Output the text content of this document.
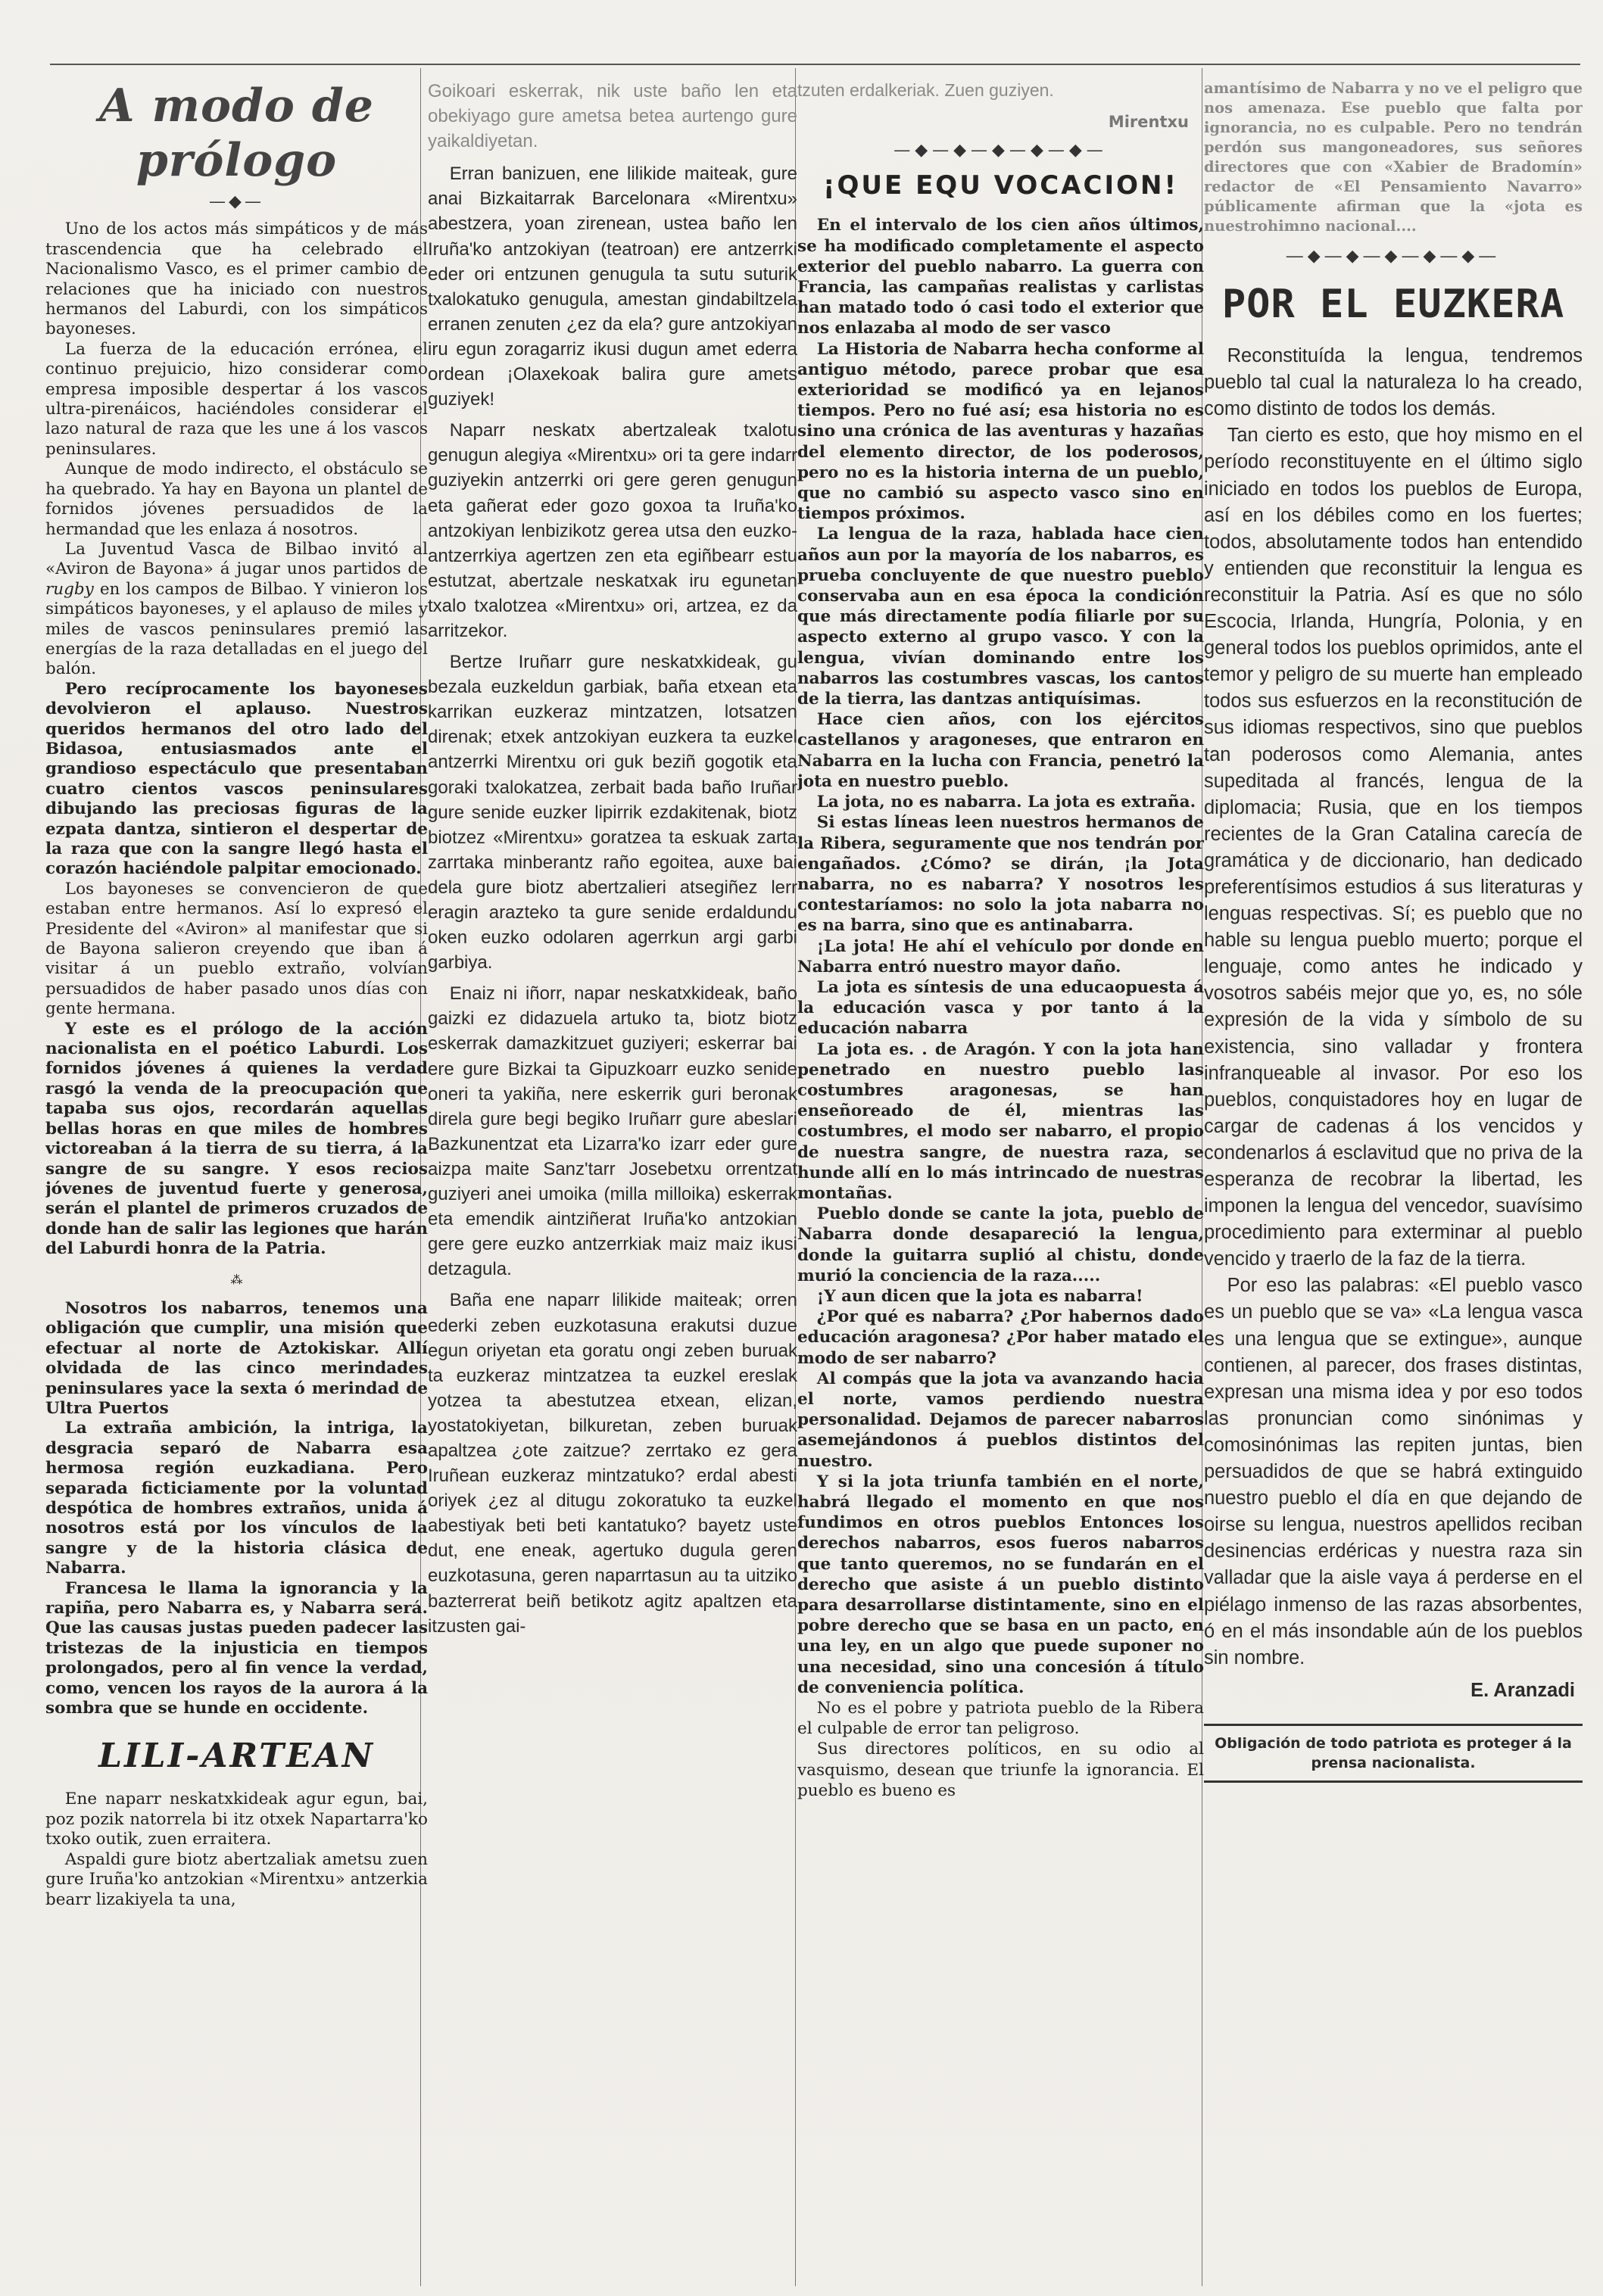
A modo de prólogo
—◆—

Uno de los actos más simpáticos y de más trascendencia que ha celebrado el Nacionalismo Vasco, es el primer cambio de relaciones que ha iniciado con nuestros hermanos del Laburdi, con los simpáticos bayoneses.

La fuerza de la educación errónea, el continuo prejuicio, hizo considerar como empresa imposible despertar á los vascos ultra-pirenáicos, haciéndoles considerar el lazo natural de raza que les une á los vascos peninsulares.

Aunque de modo indirecto, el obstáculo se ha quebrado. Ya hay en Bayona un plantel de fornidos jóvenes persuadidos de la hermandad que les enlaza á nosotros.

La Juventud Vasca de Bilbao invitó al «Aviron de Bayona» á jugar unos partidos de rugby en los campos de Bilbao. Y vinieron los simpáticos bayoneses, y el aplauso de miles y miles de vascos peninsulares premió las energías de la raza detalladas en el juego del balón.

Pero recíprocamente los bayoneses devolvieron el aplauso. Nuestros queridos hermanos del otro lado del Bidasoa, entusiasmados ante el grandioso espectáculo que presentaban cuatro cientos vascos peninsulares dibujando las preciosas figuras de la ezpata dantza, sintieron el despertar de la raza que con la sangre llegó hasta el corazón haciéndole palpitar emocionado.

Los bayoneses se convencieron de que estaban entre hermanos. Así lo expresó el Presidente del «Aviron» al manifestar que si de Bayona salieron creyendo que iban á visitar á un pueblo extraño, volvían persuadidos de haber pasado unos días con gente hermana.

Y este es el prólogo de la acción nacionalista en el poético Laburdi. Los fornidos jóvenes á quienes la verdad rasgó la venda de la preocupación que tapaba sus ojos, recordarán aquellas bellas horas en que miles de hombres victoreaban á la tierra de su tierra, á la sangre de su sangre. Y esos recios jóvenes de juventud fuerte y generosa, serán el plantel de primeros cruzados de donde han de salir las legiones que harán del Laburdi honra de la Patria.

⁂

Nosotros los nabarros, tenemos una obligación que cumplir, una misión que efectuar al norte de Aztokiskar. Allí olvidada de las cinco merindades peninsulares yace la sexta ó merindad de Ultra Puertos

La extraña ambición, la intriga, la desgracia separó de Nabarra esa hermosa región euzkadiana. Pero separada ficticiamente por la voluntad despótica de hombres extraños, unida á nosotros está por los vínculos de la sangre y de la historia clásica de Nabarra.

Francesa le llama la ignorancia y la rapiña, pero Nabarra es, y Nabarra será. Que las causas justas pueden padecer las tristezas de la injusticia en tiempos prolongados, pero al fin vence la verdad, como, vencen los rayos de la aurora á la sombra que se hunde en occidente.

LILI-ARTEAN

Ene naparr neskatxkideak agur egun, bai, poz pozik natorrela bi itz otxek Napartarra'ko txoko outik, zuen erraitera.

Aspaldi gure biotz abertzaliak ametsu zuen gure Iruña'ko antzokian «Mirentxu» antzerkia bearr lizakiyela ta una,

Goikoari eskerrak, nik uste baño len eta obekiyago gure ametsa betea aurtengo gure yaikaldiyetan.

Erran banizuen, ene lilikide maiteak, gure anai Bizkaitarrak Barcelonara «Mirentxu» abestzera, yoan zirenean, ustea baño len Iruña'ko antzokiyan (teatroan) ere antzerrki eder ori entzunen genugula ta sutu suturik txalokatuko genugula, amestan gindabiltzela erranen zenuten ¿ez da ela? gure antzokiyan iru egun zoragarriz ikusi dugun amet ederra ordean ¡Olaxekoak balira gure amets guziyek!

Naparr neskatx abertzaleak txalotu genugun alegiya «Mirentxu» ori ta gere indarr guziyekin antzerrki ori gere geren genugun eta gañerat eder gozo goxoa ta Iruña'ko antzokiyan lenbizikotz gerea utsa den euzko-antzerrkiya agertzen zen eta egiñbearr estu estutzat, abertzale neskatxak iru egunetan txalo txalotzea «Mirentxu» ori, artzea, ez da arritzekor.

Bertze Iruñarr gure neskatxkideak, gu bezala euzkeldun garbiak, baña etxean eta karrikan euzkeraz mintzatzen, lotsatzen direnak; etxek antzokiyan euzkera ta euzkel antzerrki Mirentxu ori guk beziñ gogotik eta goraki txalokatzea, zerbait bada baño Iruñar gure senide euzker lipirrik ezdakitenak, biotz biotzez «Mirentxu» goratzea ta eskuak zarta zarrtaka minberantz raño egoitea, auxe bai dela gure biotz abertzalieri atsegiñez lerr eragin arazteko ta gure senide erdaldundu oken euzko odolaren agerrkun argi garbi garbiya.

Enaiz ni iñorr, napar neskatxkideak, baño gaizki ez didazuela artuko ta, biotz biotz eskerrak damazkitzuet guziyeri; eskerrar bai ere gure Bizkai ta Gipuzkoarr euzko senide oneri ta yakiña, nere eskerrik guri beronak direla gure begi begiko Iruñarr gure abeslari Bazkunentzat eta Lizarra'ko izarr eder gure aizpa maite Sanz'tarr Josebetxu orrentzat guziyeri anei umoika (milla milloika) eskerrak eta emendik aintziñerat Iruña'ko antzokian gere gere euzko antzerrkiak maiz maiz ikusi detzagula.

Baña ene naparr lilikide maiteak; orren ederki zeben euzkotasuna erakutsi duzue egun oriyetan eta goratu ongi zeben buruak ta euzkeraz mintzatzea ta euzkel ereslak yotzea ta abestutzea etxean, elizan, yostatokiyetan, bilkuretan, zeben buruak apaltzea ¿ote zaitzue? zerrtako ez gera Iruñean euzkeraz mintzatuko? erdal abesti oriyek ¿ez al ditugu zokoratuko ta euzkel abestiyak beti beti kantatuko? bayetz uste dut, ene eneak, agertuko dugula geren euzkotasuna, geren naparrtasun au ta uitziko bazterrerat beiñ betikotz agitz apaltzen eta itzusten gai-

tzuten erdalkeriak. Zuen guziyen.

Mirentxu
—◆—◆—◆—◆—◆—
¡QUE EQU VOCACION!

En el intervalo de los cien años últimos, se ha modificado completamente el aspecto exterior del pueblo nabarro. La guerra con Francia, las campañas realistas y carlistas han matado todo ó casi todo el exterior que nos enlazaba al modo de ser vasco

La Historia de Nabarra hecha conforme al antiguo método, parece probar que esa exterioridad se modificó ya en lejanos tiempos. Pero no fué así; esa historia no es sino una crónica de las aventuras y hazañas del elemento director, de los poderosos, pero no es la historia interna de un pueblo, que no cambió su aspecto vasco sino en tiempos próximos.

La lengua de la raza, hablada hace cien años aun por la mayoría de los nabarros, es prueba concluyente de que nuestro pueblo conservaba aun en esa época la condición que más directamente podía filiarle por su aspecto externo al grupo vasco. Y con la lengua, vivían dominando entre los nabarros las costumbres vascas, los cantos de la tierra, las dantzas antiquísimas.

Hace cien años, con los ejércitos castellanos y aragoneses, que entraron en Nabarra en la lucha con Francia, penetró la jota en nuestro pueblo.

La jota, no es nabarra. La jota es extraña.

Si estas líneas leen nuestros hermanos de la Ribera, seguramente que nos tendrán por engañados. ¿Cómo? se dirán, ¡la Jota nabarra, no es nabarra? Y nosotros les contestaríamos: no solo la jota nabarra no es na barra, sino que es antinabarra.

¡La jota! He ahí el vehículo por donde en Nabarra entró nuestro mayor daño.

La jota es síntesis de una educaopuesta á la educación vasca y por tanto á la educación nabarra

La jota es. . de Aragón. Y con la jota han penetrado en nuestro pueblo las costumbres aragonesas, se han enseñoreado de él, mientras las costumbres, el modo ser nabarro, el propio de nuestra sangre, de nuestra raza, se hunde allí en lo más intrincado de nuestras montañas.

Pueblo donde se cante la jota, pueblo de Nabarra donde desapareció la lengua, donde la guitarra suplió al chistu, donde murió la conciencia de la raza.....

¡Y aun dicen que la jota es nabarra!

¿Por qué es nabarra? ¿Por habernos dado educación aragonesa? ¿Por haber matado el modo de ser nabarro?

Al compás que la jota va avanzando hacia el norte, vamos perdiendo nuestra personalidad. Dejamos de parecer nabarros asemejándonos á pueblos distintos del nuestro.

Y si la jota triunfa también en el norte, habrá llegado el momento en que nos fundimos en otros pueblos Entonces los derechos nabarros, esos fueros nabarros que tanto queremos, no se fundarán en el derecho que asiste á un pueblo distinto para desarrollarse distintamente, sino en el pobre derecho que se basa en un pacto, en una ley, en un algo que puede suponer no una necesidad, sino una concesión á título de conveniencia política.

No es el pobre y patriota pueblo de la Ribera el culpable de error tan peligroso.

Sus directores políticos, en su odio al vasquismo, desean que triunfe la ignorancia. El pueblo es bueno es

amantísimo de Nabarra y no ve el peligro que nos amenaza. Ese pueblo que falta por ignorancia, no es culpable. Pero no tendrán perdón sus mangoneadores, sus señores directores que con «Xabier de Bradomín» redactor de «El Pensamiento Navarro» públicamente afirman que la «jota es nuestrohimno nacional....

—◆—◆—◆—◆—◆—
POR EL EUZKERA

Reconstituída la lengua, tendremos pueblo tal cual la naturaleza lo ha creado, como distinto de todos los demás.

Tan cierto es esto, que hoy mismo en el período reconstituyente en el último siglo iniciado en todos los pueblos de Europa, así en los débiles como en los fuertes; todos, absolutamente todos han entendido y entienden que reconstituir la lengua es reconstituir la Patria. Así es que no sólo Escocia, Irlanda, Hungría, Polonia, y en general todos los pueblos oprimidos, ante el temor y peligro de su muerte han empleado todos sus esfuerzos en la reconstitución de sus idiomas respectivos, sino que pueblos tan poderosos como Alemania, antes supeditada al francés, lengua de la diplomacia; Rusia, que en los tiempos recientes de la Gran Catalina carecía de gramática y de diccionario, han dedicado preferentísimos estudios á sus literaturas y lenguas respectivas. Sí; es pueblo que no hable su lengua pueblo muerto; porque el lenguaje, como antes he indicado y vosotros sabéis mejor que yo, es, no sóle expresión de la vida y símbolo de su existencia, sino valladar y frontera infranqueable al invasor. Por eso los pueblos, conquistadores hoy en lugar de cargar de cadenas á los vencidos y condenarlos á esclavitud que no priva de la esperanza de recobrar la libertad, les imponen la lengua del vencedor, suavísimo procedimiento para exterminar al pueblo vencido y traerlo de la faz de la tierra.

Por eso las palabras: «El pueblo vasco es un pueblo que se va» «La lengua vasca es una lengua que se extingue», aunque contienen, al parecer, dos frases distintas, expresan una misma idea y por eso todos las pronuncian como sinónimas y comosinónimas las repiten juntas, bien persuadidos de que se habrá extinguido nuestro pueblo el día en que dejando de oirse su lengua, nuestros apellidos reciban desinencias erdéricas y nuestra raza sin valladar que la aisle vaya á perderse en el piélago inmenso de las razas absorbentes, ó en el más insondable aún de los pueblos sin nombre.

E. Aranzadi
Obligación de todo patriota es proteger á la prensa nacionalista.
